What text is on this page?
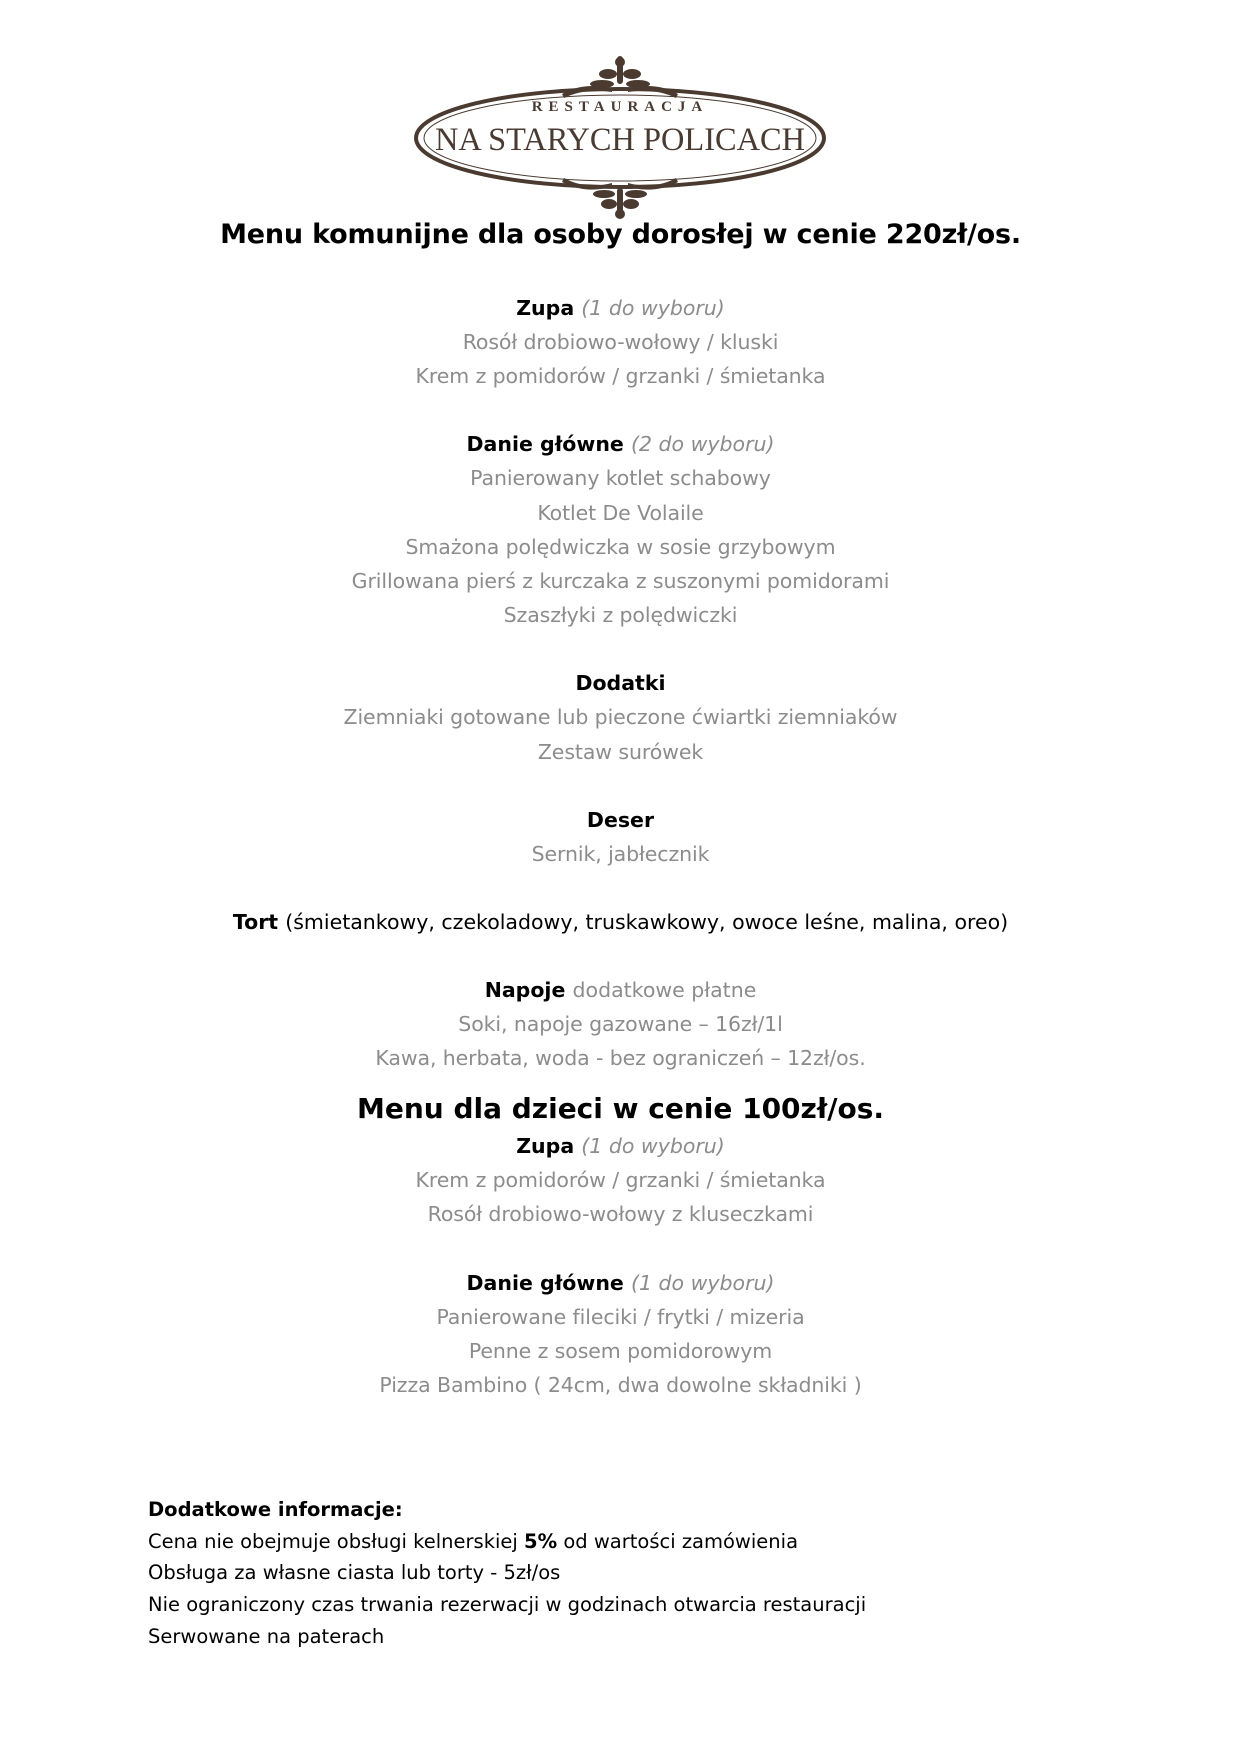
RESTAURACJA
NA STARYCH POLICACH
Menu komunijne dla osoby dorosłej w cenie 220zł/os.
Zupa (1 do wyboru)
Rosół drobiowo-wołowy / kluski
Krem z pomidorów / grzanki / śmietanka
Danie główne (2 do wyboru)
Panierowany kotlet schabowy
Kotlet De Volaile
Smażona polędwiczka w sosie grzybowym
Grillowana pierś z kurczaka z suszonymi pomidorami
Szaszłyki z polędwiczki
Dodatki
Ziemniaki gotowane lub pieczone ćwiartki ziemniaków
Zestaw surówek
Deser
Sernik, jabłecznik
Tort (śmietankowy, czekoladowy, truskawkowy, owoce leśne, malina, oreo)
Napoje dodatkowe płatne
Soki, napoje gazowane – 16zł/1l
Kawa, herbata, woda - bez ograniczeń – 12zł/os.
Menu dla dzieci w cenie 100zł/os.
Zupa (1 do wyboru)
Krem z pomidorów / grzanki / śmietanka
Rosół drobiowo-wołowy z kluseczkami
Danie główne (1 do wyboru)
Panierowane fileciki / frytki / mizeria
Penne z sosem pomidorowym
Pizza Bambino ( 24cm, dwa dowolne składniki )
Dodatkowe informacje:
Cena nie obejmuje obsługi kelnerskiej 5% od wartości zamówienia
Obsługa za własne ciasta lub torty - 5zł/os
Nie ograniczony czas trwania rezerwacji w godzinach otwarcia restauracji
Serwowane na paterach
